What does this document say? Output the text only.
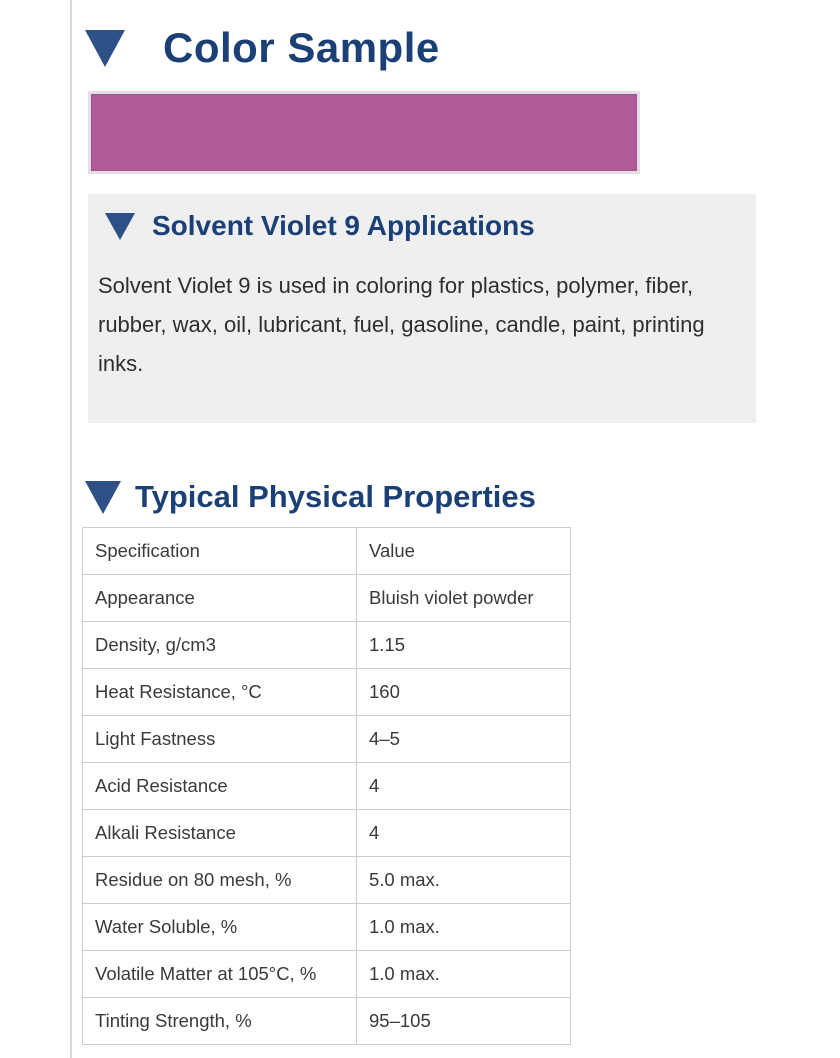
Color Sample
Solvent Violet 9 Applications

Solvent Violet 9 is used in coloring for plastics, polymer, fiber, rubber, wax, oil, lubricant, fuel, gasoline, candle, paint, printing inks.

Typical Physical Properties
Specification	Value
Appearance	Bluish violet powder
Density, g/cm3	1.15
Heat Resistance, °C	160
Light Fastness	4–5
Acid Resistance	4
Alkali Resistance	4
Residue on 80 mesh, %	5.0 max.
Water Soluble, %	1.0 max.
Volatile Matter at 105°C, %	1.0 max.
Tinting Strength, %	95–105
